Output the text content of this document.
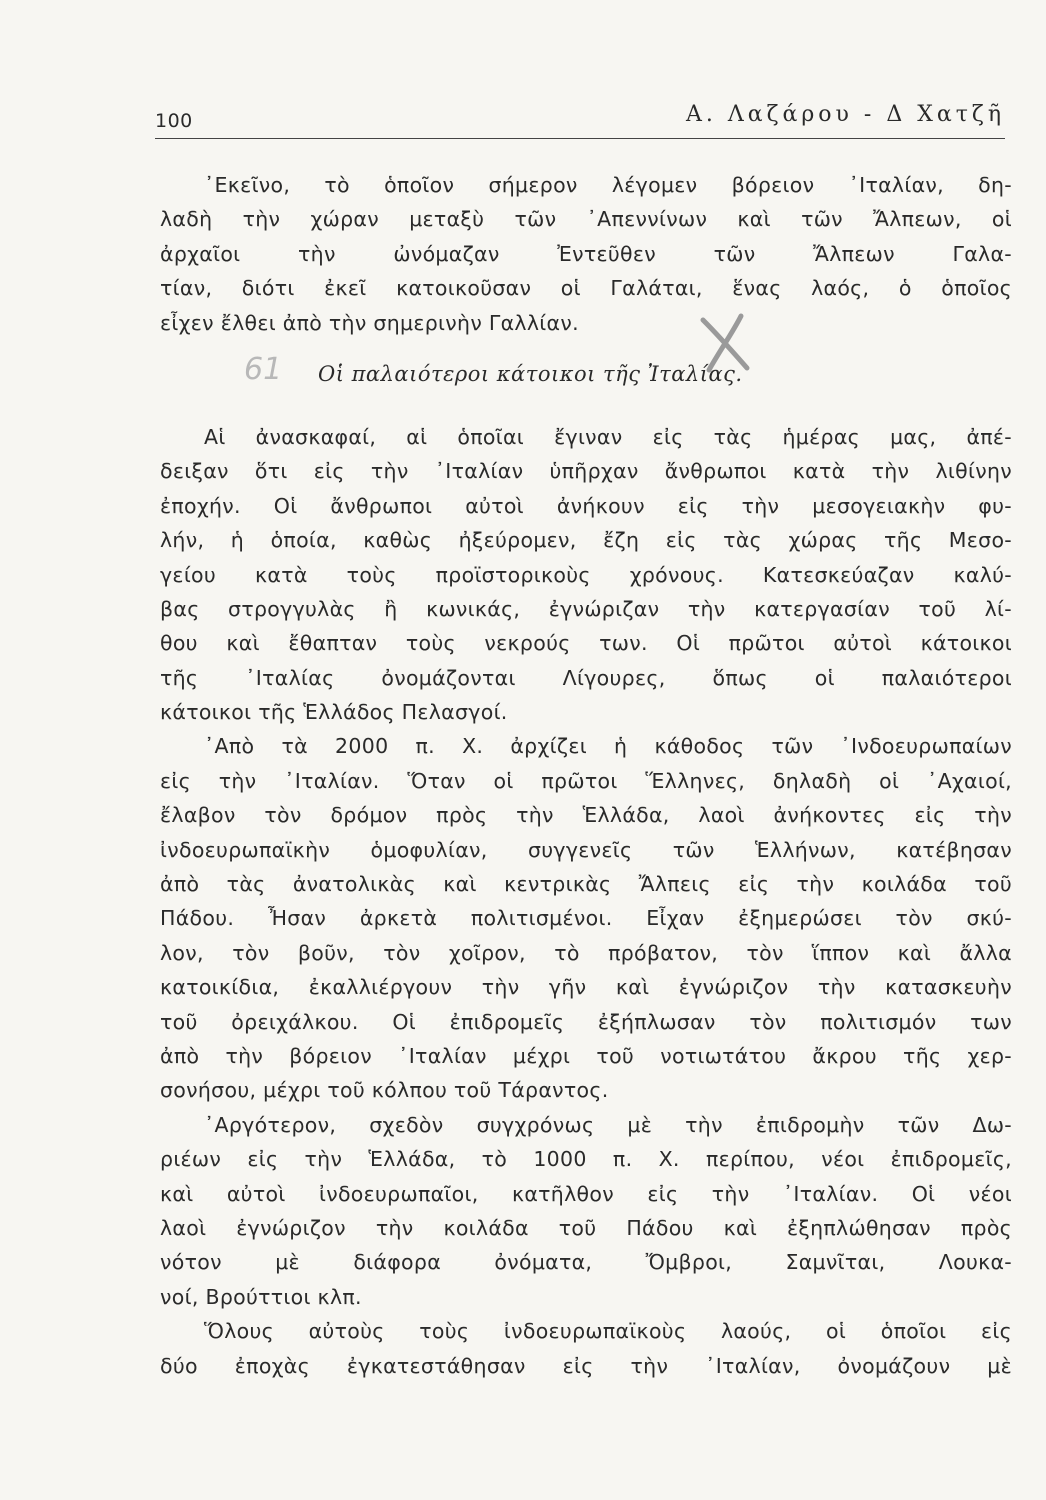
100	Α. Λαζάρου - Δ Χατζῆ
᾿Εκεῖνο, τὸ ὁποῖον σήμερον λέγομεν βόρειον ᾿Ιταλίαν, δη-
λαδὴ τὴν χώραν μεταξὺ τῶν ᾿Απεννίνων καὶ τῶν Ἄλπεων, οἱ
ἀρχαῖοι τὴν ὠνόμαζαν Ἐντεῦθεν τῶν Ἄλπεων Γαλα-
τίαν, διότι ἐκεῖ κατοικοῦσαν οἱ Γαλάται, ἕνας λαός, ὁ ὁποῖος
εἶχεν ἔλθει ἀπὸ τὴν σημερινὴν Γαλλίαν.
61 Οἱ παλαιότεροι κάτοικοι τῆς Ἰταλίας.
Αἱ ἀνασκαφαί, αἱ ὁποῖαι ἔγιναν εἰς τὰς ἡμέρας μας, ἀπέ-
δειξαν ὅτι εἰς τὴν ᾿Ιταλίαν ὑπῆρχαν ἄνθρωποι κατὰ τὴν λιθίνην
ἐποχήν. Οἱ ἄνθρωποι αὐτοὶ ἀνήκουν εἰς τὴν μεσογειακὴν φυ-
λήν, ἡ ὁποία, καθὼς ἠξεύρομεν, ἔζη εἰς τὰς χώρας τῆς Μεσο-
γείου κατὰ τοὺς προϊστορικοὺς χρόνους. Κατεσκεύαζαν καλύ-
βας στρογγυλὰς ἢ κωνικάς, ἐγνώριζαν τὴν κατεργασίαν τοῦ λί-
θου καὶ ἔθαπταν τοὺς νεκρούς των. Οἱ πρῶτοι αὐτοὶ κάτοικοι
τῆς ᾿Ιταλίας ὀνομάζονται Λίγουρες, ὅπως οἱ παλαιότεροι
κάτοικοι τῆς Ἑλλάδος Πελασγοί.
᾿Απὸ τὰ 2000 π. Χ. ἀρχίζει ἡ κάθοδος τῶν ᾿Ινδοευρωπαίων
εἰς τὴν ᾿Ιταλίαν. Ὅταν οἱ πρῶτοι Ἕλληνες, δηλαδὴ οἱ ᾿Αχαιοί,
ἔλαβον τὸν δρόμον πρὸς τὴν Ἑλλάδα, λαοὶ ἀνήκοντες εἰς τὴν
ἰνδοευρωπαϊκὴν ὁμοφυλίαν, συγγενεῖς τῶν Ἑλλήνων, κατέβησαν
ἀπὸ τὰς ἀνατολικὰς καὶ κεντρικὰς Ἄλπεις εἰς τὴν κοιλάδα τοῦ
Πάδου. Ἦσαν ἀρκετὰ πολιτισμένοι. Εἶχαν ἐξημερώσει τὸν σκύ-
λον, τὸν βοῦν, τὸν χοῖρον, τὸ πρόβατον, τὸν ἵππον καὶ ἄλλα
κατοικίδια, ἐκαλλιέργουν τὴν γῆν καὶ ἐγνώριζον τὴν κατασκευὴν
τοῦ ὀρειχάλκου. Οἱ ἐπιδρομεῖς ἐξήπλωσαν τὸν πολιτισμόν των
ἀπὸ τὴν βόρειον ᾿Ιταλίαν μέχρι τοῦ νοτιωτάτου ἄκρου τῆς χερ-
σονήσου, μέχρι τοῦ κόλπου τοῦ Τάραντος.
᾿Αργότερον, σχεδὸν συγχρόνως μὲ τὴν ἐπιδρομὴν τῶν Δω-
ριέων εἰς τὴν Ἑλλάδα, τὸ 1000 π. Χ. περίπου, νέοι ἐπιδρομεῖς,
καὶ αὐτοὶ ἰνδοευρωπαῖοι, κατῆλθον εἰς τὴν ᾿Ιταλίαν. Οἱ νέοι
λαοὶ ἐγνώριζον τὴν κοιλάδα τοῦ Πάδου καὶ ἐξηπλώθησαν πρὸς
νότον μὲ διάφορα ὀνόματα, Ὄμβροι, Σαμνῖται, Λουκα-
νοί, Βρούττιοι κλπ.
Ὅλους αὐτοὺς τοὺς ἰνδοευρωπαϊκοὺς λαούς, οἱ ὁποῖοι εἰς
δύο ἐποχὰς ἐγκατεστάθησαν εἰς τὴν ᾿Ιταλίαν, ὀνομάζουν μὲ
